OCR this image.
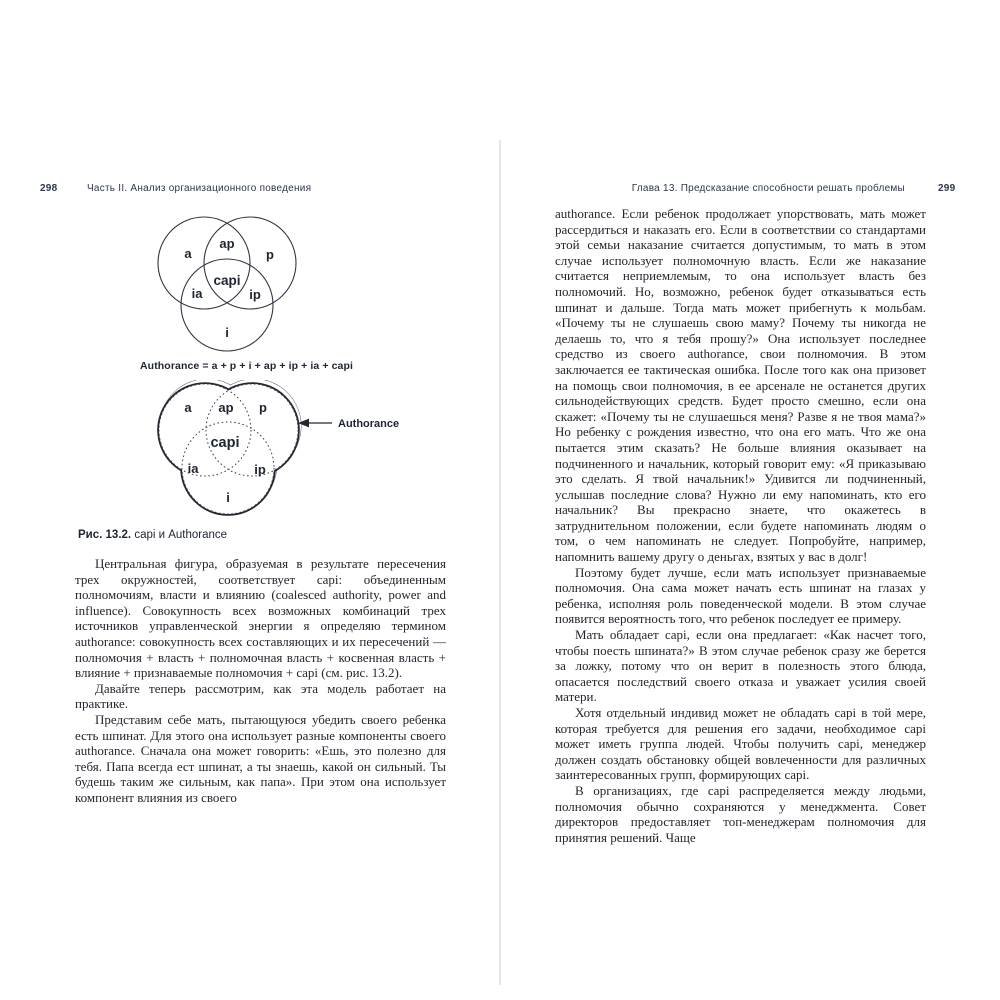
298	Часть II. Анализ организационного поведения	Глава 13. Предсказание способности решать проблемы	299
a
ap
p
capi
ia	ip
i
Authorance = a + p + i + ap + ip + ia + capi
a ap p
capi
ia	ip
i
Authorance
Рис. 13.2. capi и Authorance

Центральная фигура, образуемая в результате пересечения трех окружностей, соответствует capi: объединенным полномочиям, власти и влиянию (coalesced authority, power and influence). Совокупность всех возможных комбинаций трех источников управленческой энергии я определяю термином authorance: совокупность всех составляющих и их пересечений — полномочия + власть + полномочная власть + косвенная власть + влияние + признаваемые полномочия + capi (см. рис. 13.2).

Давайте теперь рассмотрим, как эта модель работает на практике.

Представим себе мать, пытающуюся убедить своего ребенка есть шпинат. Для этого она использует разные компоненты своего authorance. Сначала она может говорить: «Ешь, это полезно для тебя. Папа всегда ест шпинат, а ты знаешь, какой он сильный. Ты будешь таким же сильным, как папа». При этом она использует компонент влияния из своего

authorance. Если ребенок продолжает упорствовать, мать может рассердиться и наказать его. Если в соответствии со стандартами этой семьи наказание считается допустимым, то мать в этом случае использует полномочную власть. Если же наказание считается неприемлемым, то она использует власть без полномочий. Но, возможно, ребенок будет отказываться есть шпинат и дальше. Тогда мать может прибегнуть к мольбам. «Почему ты не слушаешь свою маму? Почему ты никогда не делаешь то, что я тебя прошу?» Она использует последнее средство из своего authorance, свои полномочия. В этом заключается ее тактическая ошибка. После того как она призовет на помощь свои полномочия, в ее арсенале не останется других сильнодействующих средств. Будет просто смешно, если она скажет: «Почему ты не слушаешься меня? Разве я не твоя мама?» Но ребенку с рождения известно, что она его мать. Что же она пытается этим сказать? Не больше влияния оказывает на подчиненного и начальник, который говорит ему: «Я приказываю это сделать. Я твой начальник!» Удивится ли подчиненный, услышав последние слова? Нужно ли ему напоминать, кто его начальник? Вы прекрасно знаете, что окажетесь в затруднительном положении, если будете напоминать людям о том, о чем напоминать не следует. Попробуйте, например, напомнить вашему другу о деньгах, взятых у вас в долг!

Поэтому будет лучше, если мать использует признаваемые полномочия. Она сама может начать есть шпинат на глазах у ребенка, исполняя роль поведенческой модели. В этом случае появится вероятность того, что ребенок последует ее примеру.

Мать обладает capi, если она предлагает: «Как насчет того, чтобы поесть шпината?» В этом случае ребенок сразу же берется за ложку, потому что он верит в полезность этого блюда, опасается последствий своего отказа и уважает усилия своей матери.

Хотя отдельный индивид может не обладать capi в той мере, которая требуется для решения его задачи, необходимое capi может иметь группа людей. Чтобы получить capi, менеджер должен создать обстановку общей вовлеченности для различных заинтересованных групп, формирующих capi.

В организациях, где capi распределяется между людьми, полномочия обычно сохраняются у менеджмента. Совет директоров предоставляет топ-менеджерам полномочия для принятия решений. Чаще
